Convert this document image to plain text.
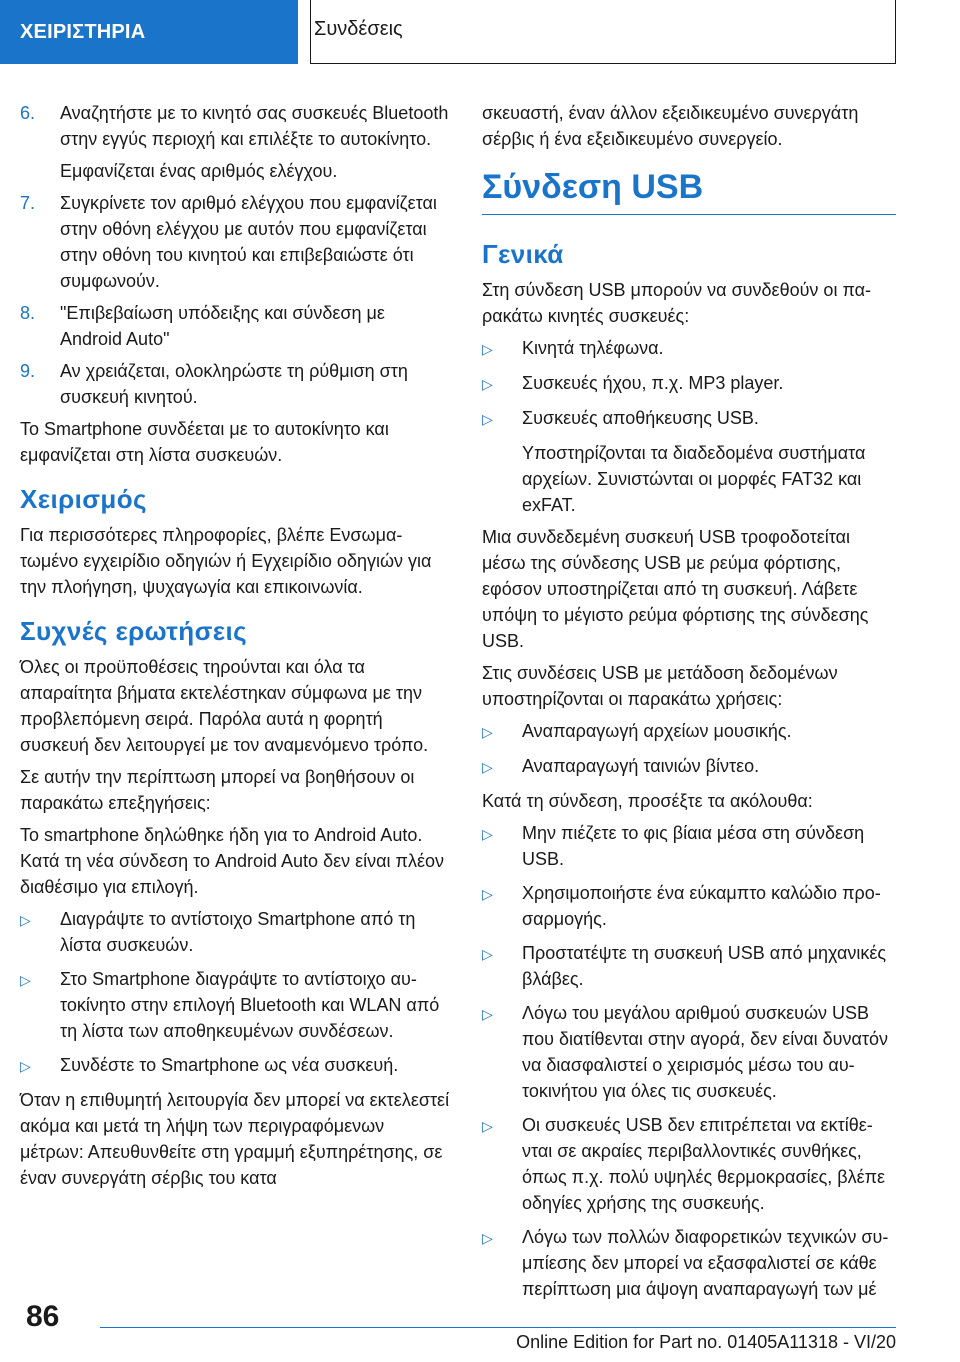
ΧΕΙΡΙΣΤΗΡΙΑ	Συνδέσεις
6.	Αναζητήστε με το κινητό σας συσκευές Bluetooth στην εγγύς περιοχή και επιλέξτε το αυτοκίνητο.
Εμφανίζεται ένας αριθμός ελέγχου.
7.	Συγκρίνετε τον αριθμό ελέγχου που εμφανίζεται στην οθόνη ελέγχου με αυτόν που εμφανίζεται στην οθόνη του κινητού και επιβεβαιώστε ότι συμφωνούν.
8.	"Επιβεβαίωση υπόδειξης και σύνδεση με Android Auto"
9.	Αν χρειάζεται, ολοκληρώστε τη ρύθμιση στη συσκευή κινητού.

Το Smartphone συνδέεται με το αυτοκίνητο και εμφανίζεται στη λίστα συσκευών.

Χειρισμός

Για περισσότερες πληροφορίες, βλέπε Ενσωματωμένο εγχειρίδιο οδηγιών ή Εγχειρίδιο οδηγιών για την πλοήγηση, ψυχαγωγία και επικοινωνία.

Συχνές ερωτήσεις

Όλες οι προϋποθέσεις τηρούνται και όλα τα απαραίτητα βήματα εκτελέστηκαν σύμφωνα με την προβλεπόμενη σειρά. Παρόλα αυτά η φορητή συσκευή δεν λειτουργεί με τον αναμενόμενο τρόπο.

Σε αυτήν την περίπτωση μπορεί να βοηθήσουν οι παρακάτω επεξηγήσεις:

Το smartphone δηλώθηκε ήδη για το Android Auto. Κατά τη νέα σύνδεση το Android Auto δεν είναι πλέον διαθέσιμο για επιλογή.

▷	Διαγράψτε το αντίστοιχο Smartphone από τη λίστα συσκευών.
▷	Στο Smartphone διαγράψτε το αντίστοιχο αυτοκίνητο στην επιλογή Bluetooth και WLAN από τη λίστα των αποθηκευμένων συνδέσεων.
▷	Συνδέστε το Smartphone ως νέα συσκευή.

Όταν η επιθυμητή λειτουργία δεν μπορεί να εκτελεστεί ακόμα και μετά τη λήψη των περιγραφόμενων μέτρων: Απευθυνθείτε στη γραμμή εξυπηρέτησης, σε έναν συνεργάτη σέρβις του κατα

σκευαστή, έναν άλλον εξειδικευμένο συνεργάτη σέρβις ή ένα εξειδικευμένο συνεργείο.

Σύνδεση USB
Γενικά

Στη σύνδεση USB μπορούν να συνδεθούν οι παρακάτω κινητές συσκευές:

▷	Κινητά τηλέφωνα.
▷	Συσκευές ήχου, π.χ. MP3 player.
▷	Συσκευές αποθήκευσης USB.

Υποστηρίζονται τα διαδεδομένα συστήματα αρχείων. Συνιστώνται οι μορφές FAT32 και exFAT.

Μια συνδεδεμένη συσκευή USB τροφοδοτείται μέσω της σύνδεσης USB με ρεύμα φόρτισης, εφόσον υποστηρίζεται από τη συσκευή. Λάβετε υπόψη το μέγιστο ρεύμα φόρτισης της σύνδεσης USB.

Στις συνδέσεις USB με μετάδοση δεδομένων υποστηρίζονται οι παρακάτω χρήσεις:

▷	Αναπαραγωγή αρχείων μουσικής.
▷	Αναπαραγωγή ταινιών βίντεο.

Κατά τη σύνδεση, προσέξτε τα ακόλουθα:

▷	Μην πιέζετε το φις βίαια μέσα στη σύνδεση USB.
▷	Χρησιμοποιήστε ένα εύκαμπτο καλώδιο προσαρμογής.
▷	Προστατέψτε τη συσκευή USB από μηχανικές βλάβες.
▷	Λόγω του μεγάλου αριθμού συσκευών USB που διατίθενται στην αγορά, δεν είναι δυνατόν να διασφαλιστεί ο χειρισμός μέσω του αυτοκινήτου για όλες τις συσκευές.
▷	Οι συσκευές USB δεν επιτρέπεται να εκτίθενται σε ακραίες περιβαλλοντικές συνθήκες, όπως π.χ. πολύ υψηλές θερμοκρασίες, βλέπε οδηγίες χρήσης της συσκευής.
▷	Λόγω των πολλών διαφορετικών τεχνικών συμπίεσης δεν μπορεί να εξασφαλιστεί σε κάθε περίπτωση μια άψογη αναπαραγωγή των μέ
86
Online Edition for Part no. 01405A11318 - VI/20
